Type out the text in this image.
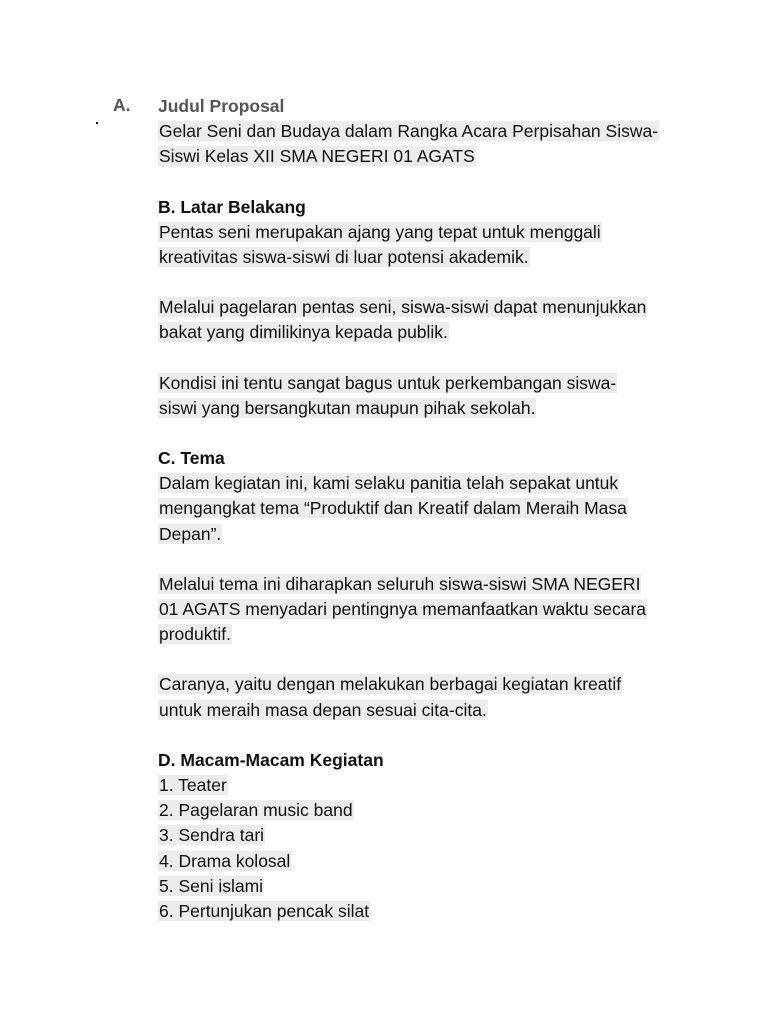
A. Judul Proposal
Gelar Seni dan Budaya dalam Rangka Acara Perpisahan Siswa-
Siswi Kelas XII SMA NEGERI 01 AGATS
B. Latar Belakang
Pentas seni merupakan ajang yang tepat untuk menggali
kreativitas siswa-siswi di luar potensi akademik.
Melalui pagelaran pentas seni, siswa-siswi dapat menunjukkan
bakat yang dimilikinya kepada publik.
Kondisi ini tentu sangat bagus untuk perkembangan siswa-
siswi yang bersangkutan maupun pihak sekolah.
C. Tema
Dalam kegiatan ini, kami selaku panitia telah sepakat untuk
mengangkat tema “Produktif dan Kreatif dalam Meraih Masa
Depan”.
Melalui tema ini diharapkan seluruh siswa-siswi SMA NEGERI
01 AGATS menyadari pentingnya memanfaatkan waktu secara
produktif.
Caranya, yaitu dengan melakukan berbagai kegiatan kreatif
untuk meraih masa depan sesuai cita-cita.
D. Macam-Macam Kegiatan
1. Teater
2. Pagelaran music band
3. Sendra tari
4. Drama kolosal
5. Seni islami
6. Pertunjukan pencak silat
